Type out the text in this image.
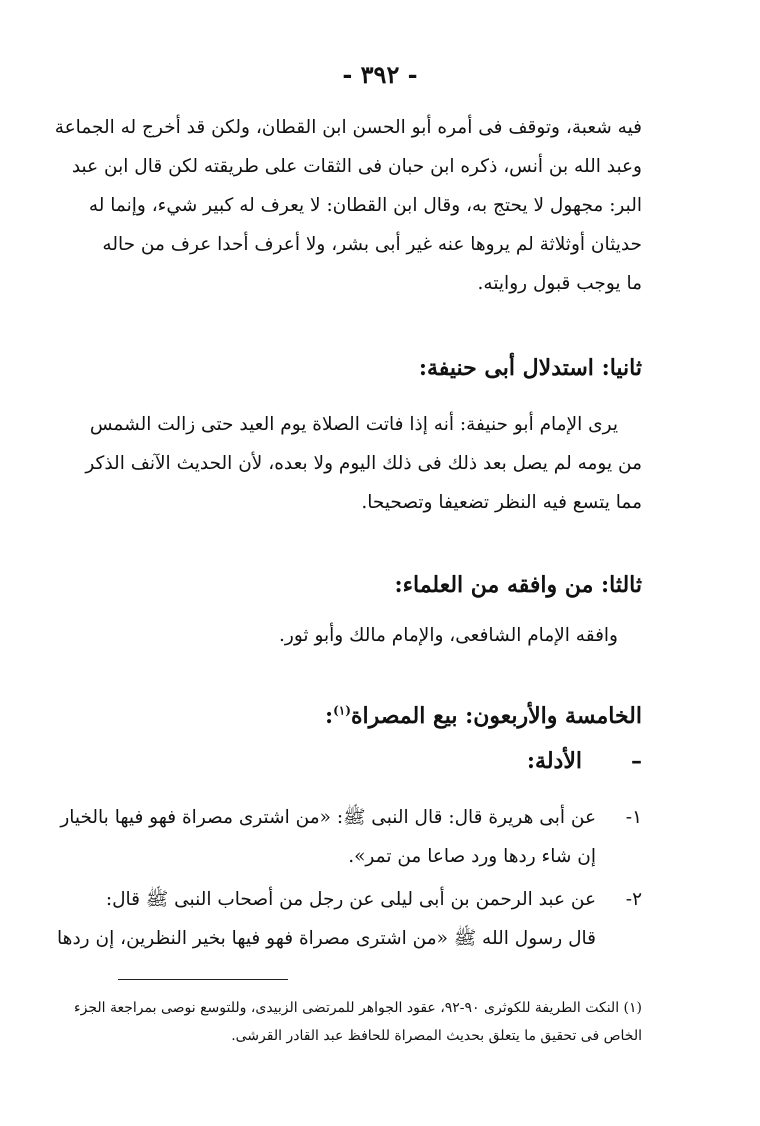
- ٣٩٢ -
فيه شعبة، وتوقف فى أمره أبو الحسن ابن القطان، ولكن قد أخرج له الجماعة
وعبد الله بن أنس، ذكره ابن حبان فى الثقات على طريقته لكن قال ابن عبد
البر: مجهول لا يحتج به، وقال ابن القطان: لا يعرف له كبير شيء، وإنما له
حديثان أوثلاثة لم يروها عنه غير أبى بشر، ولا أعرف أحدا عرف من حاله
ما يوجب قبول روايته.
ثانيا: استدلال أبى حنيفة:
يرى الإمام أبو حنيفة: أنه إذا فاتت الصلاة يوم العيد حتى زالت الشمس
من يومه لم يصل بعد ذلك فى ذلك اليوم ولا بعده، لأن الحديث الآنف الذكر
مما يتسع فيه النظر تضعيفا وتصحيحا.
ثالثا: من وافقه من العلماء:
وافقه الإمام الشافعى، والإمام مالك وأبو ثور.
الخامسة والأربعون: بيع المصراة$^{(١)}$:
–الأدلة:
١-
عن أبى هريرة قال: قال النبى ﷺ: «من اشترى مصراة فهو فيها بالخيار
إن شاء ردها ورد صاعا من تمر».
٢-
عن عبد الرحمن بن أبى ليلى عن رجل من أصحاب النبى ﷺ قال:
قال رسول الله ﷺ «من اشترى مصراة فهو فيها بخير النظرين، إن ردها
(١) النكت الطريفة للكوثرى ٩٠-٩٢، عقود الجواهر للمرتضى الزبيدى، وللتوسع نوصى بمراجعة الجزء
الخاص فى تحقيق ما يتعلق بحديث المصراة للحافظ عبد القادر القرشى.
